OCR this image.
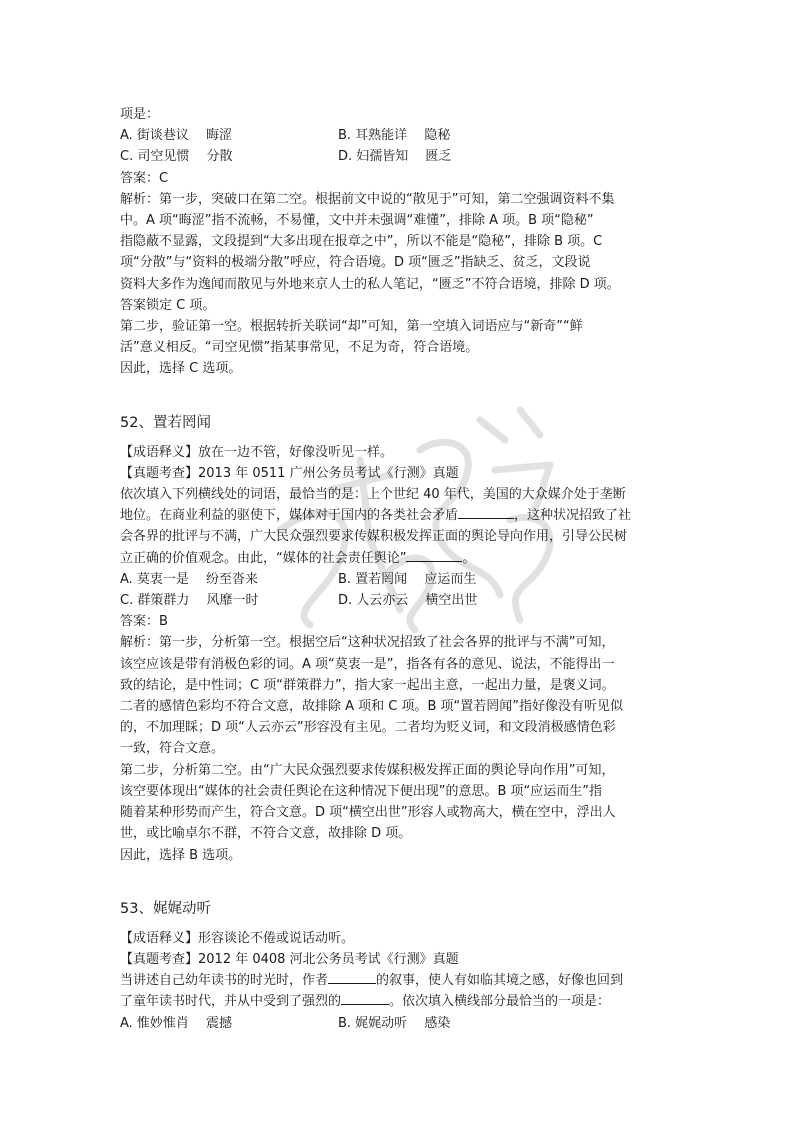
项是：
A. 街谈巷议　 晦涩	B. 耳熟能详　 隐秘
C. 司空见惯　 分散	D. 妇孺皆知　 匮乏
答案：C
解析：第一步，突破口在第二空。根据前文中说的“散见于”可知，第二空强调资料不集
中。A 项“晦涩”指不流畅，不易懂，文中并未强调“难懂”，排除 A 项。B 项“隐秘”
指隐蔽不显露，文段提到“大多出现在报章之中”，所以不能是“隐秘”，排除 B 项。C
项“分散”与“资料的极端分散”呼应，符合语境。D 项“匮乏”指缺乏、贫乏，文段说
资料大多作为逸闻而散见与外地来京人士的私人笔记，“匮乏”不符合语境，排除 D 项。
答案锁定 C 项。
第二步，验证第一空。根据转折关联词“却”可知，第一空填入词语应与“新奇”“鲜
活”意义相反。“司空见惯”指某事常见，不足为奇，符合语境。
因此，选择 C 选项。
52、置若罔闻
【成语释义】放在一边不管，好像没听见一样。
【真题考查】2013 年 0511 广州公务员考试《行测》真题
依次填入下列横线处的词语，最恰当的是：上个世纪 40 年代，美国的大众媒介处于垄断
地位。在商业利益的驱使下，媒体对于国内的各类社会矛盾	，这种状况招致了社
会各界的批评与不满，广大民众强烈要求传媒积极发挥正面的舆论导向作用，引导公民树
立正确的价值观念。由此，“媒体的社会责任舆论”	。
A. 莫衷一是　 纷至沓来	B. 置若罔闻　 应运而生
C. 群策群力　 风靡一时	D. 人云亦云　 横空出世
答案：B
解析：第一步，分析第一空。根据空后“这种状况招致了社会各界的批评与不满”可知，
该空应该是带有消极色彩的词。A 项“莫衷一是”，指各有各的意见、说法，不能得出一
致的结论，是中性词；C 项“群策群力”，指大家一起出主意，一起出力量，是褒义词。
二者的感情色彩均不符合文意，故排除 A 项和 C 项。B 项“置若罔闻”指好像没有听见似
的，不加理睬；D 项“人云亦云”形容没有主见。二者均为贬义词，和文段消极感情色彩
一致，符合文意。
第二步，分析第二空。由“广大民众强烈要求传媒积极发挥正面的舆论导向作用”可知，
该空要体现出“媒体的社会责任舆论在这种情况下便出现”的意思。B 项“应运而生”指
随着某种形势而产生，符合文意。D 项“横空出世”形容人或物高大，横在空中，浮出人
世，或比喻卓尔不群，不符合文意，故排除 D 项。
因此，选择 B 选项。
53、娓娓动听
【成语释义】形容谈论不倦或说话动听。
【真题考查】2012 年 0408 河北公务员考试《行测》真题
当讲述自己幼年读书的时光时，作者	的叙事，使人有如临其境之感，好像也回到
了童年读书时代，并从中受到了强烈的	。依次填入横线部分最恰当的一项是：
A. 惟妙惟肖　 震撼	B. 娓娓动听　 感染
